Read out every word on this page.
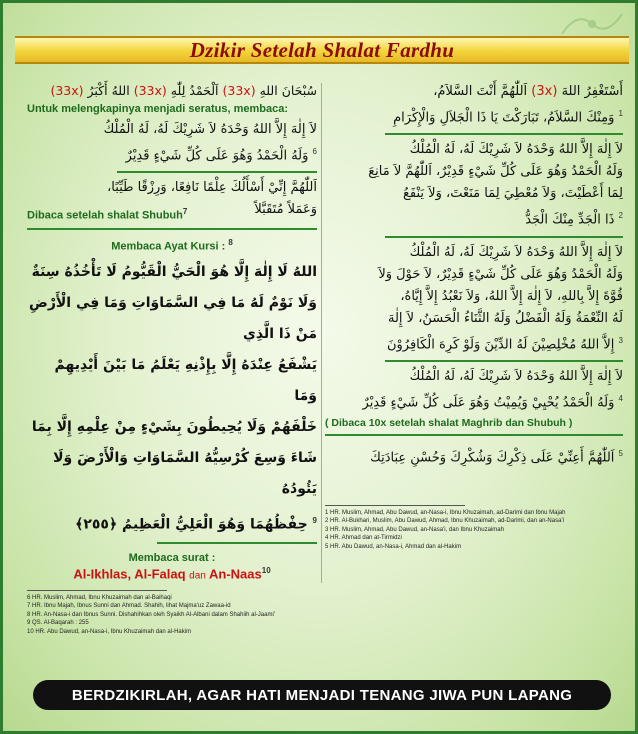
Dzikir Setelah Shalat Fardhu
سُبْحَانَ اللهِ (33x) اَلْحَمْدُ لِلّٰهِ (33x) اللهُ أَكْبَرُ (33x)
Untuk melengkapinya menjadi seratus, membaca:
لاَ إِلٰهَ إِلاَّ اللهُ وَحْدَهُ لاَ شَرِيْكَ لَهُ، لَهُ الْمُلْكُ
$^6$ وَلَهُ الْحَمْدُ وَهُوَ عَلَى كُلِّ شَيْءٍ قَدِيْرٌ
اَللّٰهُمَّ إِنِّيْ أَسْأَلُكَ عِلْمًا نَافِعًا، وَرِزْقًا طَيِّبًا،
وَعَمَلاً مُتَقَبَّلاً
Dibaca setelah shalat Shubuh$^7$
Membaca Ayat Kursi : $^8$
اللهُ لَا إِلٰهَ إِلَّا هُوَ الْحَيُّ الْقَيُّومُ لَا تَأْخُذُهُ سِنَةٌ
وَلَا نَوْمٌ لَهُ مَا فِي السَّمَاوَاتِ وَمَا فِي الْأَرْضِ مَنْ ذَا الَّذِي
يَشْفَعُ عِنْدَهُ إِلَّا بِإِذْنِهِ يَعْلَمُ مَا بَيْنَ أَيْدِيهِمْ وَمَا
خَلْفَهُمْ وَلَا يُحِيطُونَ بِشَيْءٍ مِنْ عِلْمِهِ إِلَّا بِمَا
شَاءَ وَسِعَ كُرْسِيُّهُ السَّمَاوَاتِ وَالْأَرْضَ وَلَا يَئُودُهُ
$^9$ حِفْظُهُمَا وَهُوَ الْعَلِيُّ الْعَظِيمُ ﴿٢٥٥﴾
Membaca surat :
Al-Ikhlas, Al-Falaq dan An-Naas$^{10}$
6 HR. Muslim, Ahmad, Ibnu Khuzaimah dan al-Baihaqi
7 HR. Ibnu Majah, Ibnus Sunni dan Ahmad. Shahih, lihat Majma'uz Zawaa-id
8 HR. An-Nasa-i dan Ibnus Sunni. Dishahihkan oleh Syaikh Al-Albani dalam Shahiih al-Jaami'
9 QS. Al-Baqarah : 255
10 HR. Abu Dawud, an-Nasa-i, Ibnu Khuzaimah dan al-Hakim
أَسْتَغْفِرُ اللهَ (3x) اَللّٰهُمَّ أَنْتَ السَّلاَمُ،
$^1$ وَمِنْكَ السَّلاَمُ، تَبَارَكْتَ يَا ذَا الْجَلاَلِ وَالْإِكْرَامِ
لاَ إِلٰهَ إِلاَّ اللهُ وَحْدَهُ لاَ شَرِيْكَ لَهُ، لَهُ الْمُلْكُ
وَلَهُ الْحَمْدُ وَهُوَ عَلَى كُلِّ شَيْءٍ قَدِيْرٌ، اَللّٰهُمَّ لاَ مَانِعَ
لِمَا أَعْطَيْتَ، وَلاَ مُعْطِيَ لِمَا مَنَعْتَ، وَلاَ يَنْفَعُ
$^2$ ذَا الْجَدِّ مِنْكَ الْجَدُّ
لاَ إِلٰهَ إِلاَّ اللهُ وَحْدَهُ لاَ شَرِيْكَ لَهُ، لَهُ الْمُلْكُ
وَلَهُ الْحَمْدُ وَهُوَ عَلَى كُلِّ شَيْءٍ قَدِيْرٌ، لاَ حَوْلَ وَلاَ
قُوَّةَ إِلاَّ بِاللهِ، لاَ إِلٰهَ إِلاَّ اللهُ، وَلاَ نَعْبُدُ إِلاَّ إِيَّاهُ،
لَهُ النِّعْمَةُ وَلَهُ الْفَضْلُ وَلَهُ الثَّنَاءُ الْحَسَنُ، لاَ إِلٰهَ
$^3$ إِلاَّ اللهُ مُخْلِصِيْنَ لَهُ الدِّيْنَ وَلَوْ كَرِهَ الْكَافِرُوْنَ
لاَ إِلٰهَ إِلاَّ اللهُ وَحْدَهُ لاَ شَرِيْكَ لَهُ، لَهُ الْمُلْكُ
$^4$ وَلَهُ الْحَمْدُ يُحْيِيْ وَيُمِيْتُ وَهُوَ عَلَى كُلِّ شَيْءٍ قَدِيْرٌ
( Dibaca 10x setelah shalat Maghrib dan Shubuh )
$^5$ اَللّٰهُمَّ أَعِنِّيْ عَلَى ذِكْرِكَ وَشُكْرِكَ وَحُسْنِ عِبَادَتِكَ
1 HR. Muslim, Ahmad, Abu Dawud, an-Nasa-i, Ibnu Khuzaimah, ad-Darimi dan Ibnu Majah
2 HR. Al-Bukhari, Muslim, Abu Dawud, Ahmad, Ibnu Khuzaimah, ad-Darimi, dan an-Nasa'i
3 HR. Muslim, Ahmad, Abu Dawud, an-Nasa'i, dan Ibnu Khuzaimah
4 HR. Ahmad dan at-Tirmidzi
5 HR. Abu Dawud, an-Nasa-i, Ahmad dan al-Hakim
BERDZIKIRLAH, AGAR HATI MENJADI TENANG JIWA PUN LAPANG
